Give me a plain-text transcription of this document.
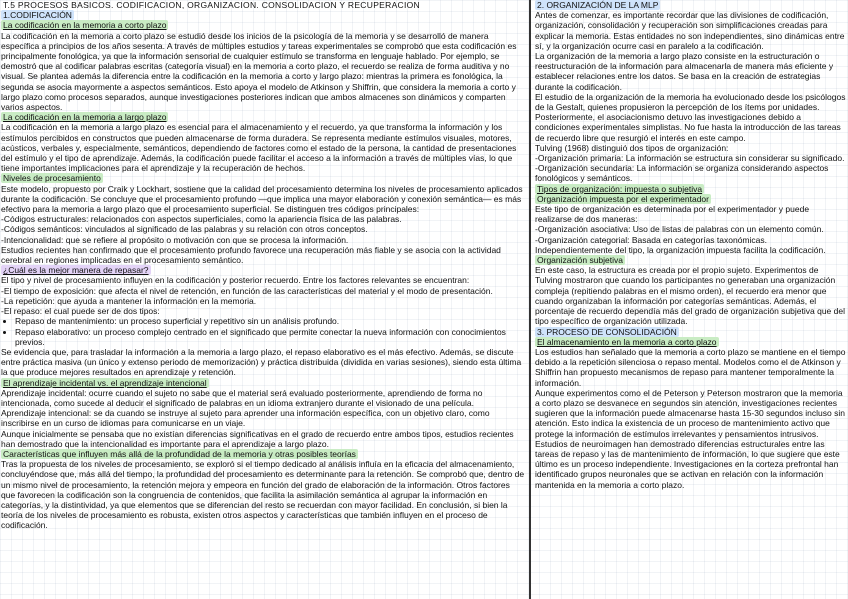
T.5 PROCESOS BASICOS. CODIFICACION, ORGANIZACION. CONSOLIDACION Y RECUPERACION

1.CODIFICACIÓN

La codificación en la memoria a corto plazo

La codificación en la memoria a corto plazo se estudió desde los inicios de la psicología de la memoria y se desarrolló de manera específica a principios de los años sesenta. A través de múltiples estudios y tareas experimentales se comprobó que esta codificación es principalmente fonológica, ya que la información sensorial de cualquier estímulo se transforma en lenguaje hablado. Por ejemplo, se demostró que al codificar palabras escritas (categoría visual) en la memoria a corto plazo, el recuerdo se realiza de forma auditiva y no visual. Se plantea además la diferencia entre la codificación en la memoria a corto y largo plazo: mientras la primera es fonológica, la segunda se asocia mayormente a aspectos semánticos. Esto apoya el modelo de Atkinson y Shiffrin, que considera la memoria a corto y largo plazo como procesos separados, aunque investigaciones posteriores indican que ambos almacenes son dinámicos y comparten varios aspectos.

La codificación en la memoria a largo plazo

La codificación en la memoria a largo plazo es esencial para el almacenamiento y el recuerdo, ya que transforma la información y los estímulos percibidos en constructos que pueden almacenarse de forma duradera. Se representa mediante estímulos visuales, motores, acústicos, verbales y, especialmente, semánticos, dependiendo de factores como el estado de la persona, la cantidad de presentaciones del estímulo y el tipo de aprendizaje. Además, la codificación puede facilitar el acceso a la información a través de múltiples vías, lo que tiene importantes implicaciones para el aprendizaje y la recuperación de hechos.

Niveles de procesamiento

Este modelo, propuesto por Craik y Lockhart, sostiene que la calidad del procesamiento determina los niveles de procesamiento aplicados durante la codificación. Se concluye que el procesamiento profundo —que implica una mayor elaboración y conexión semántica— es más efectivo para la memoria a largo plazo que el procesamiento superficial. Se distinguen tres códigos principales:

-Códigos estructurales: relacionados con aspectos superficiales, como la apariencia física de las palabras.

-Códigos semánticos: vinculados al significado de las palabras y su relación con otros conceptos.

-Intencionalidad: que se refiere al propósito o motivación con que se procesa la información.

Estudios recientes han confirmado que el procesamiento profundo favorece una recuperación más fiable y se asocia con la actividad cerebral en regiones implicadas en el procesamiento semántico.

¿Cuál es la mejor manera de repasar?

El tipo y nivel de procesamiento influyen en la codificación y posterior recuerdo. Entre los factores relevantes se encuentran:

-El tiempo de exposición: que afecta el nivel de retención, en función de las características del material y el modo de presentación.

-La repetición: que ayuda a mantener la información en la memoria.

-El repaso: el cual puede ser de dos tipos:

• Repaso de mantenimiento: un proceso superficial y repetitivo sin un análisis profundo.
• Repaso elaborativo: un proceso complejo centrado en el significado que permite conectar la nueva información con conocimientos previos.

Se evidencia que, para trasladar la información a la memoria a largo plazo, el repaso elaborativo es el más efectivo. Además, se discute entre práctica masiva (un único y extenso periodo de memorización) y práctica distribuida (dividida en varias sesiones), siendo esta última la que produce mejores resultados en aprendizaje y retención.

El aprendizaje incidental vs. el aprendizaje intencional

Aprendizaje incidental: ocurre cuando el sujeto no sabe que el material será evaluado posteriormente, aprendiendo de forma no intencionada, como sucede al deducir el significado de palabras en un idioma extranjero durante el visionado de una película.

Aprendizaje intencional: se da cuando se instruye al sujeto para aprender una información específica, con un objetivo claro, como inscribirse en un curso de idiomas para comunicarse en un viaje.

Aunque inicialmente se pensaba que no existían diferencias significativas en el grado de recuerdo entre ambos tipos, estudios recientes han demostrado que la intencionalidad es importante para el aprendizaje a largo plazo.

Características que influyen más allá de la profundidad de la memoria y otras posibles teorías

Tras la propuesta de los niveles de procesamiento, se exploró si el tiempo dedicado al análisis influía en la eficacia del almacenamiento, concluyéndose que, más allá del tiempo, la profundidad del procesamiento es determinante para la retención. Se comprobó que, dentro de un mismo nivel de procesamiento, la retención mejora y empeora en función del grado de elaboración de la información. Otros factores que favorecen la codificación son la congruencia de contenidos, que facilita la asimilación semántica al agrupar la información en categorías, y la distintividad, ya que elementos que se diferencian del resto se recuerdan con mayor facilidad. En conclusión, si bien la teoría de los niveles de procesamiento es robusta, existen otros aspectos y características que también influyen en el proceso de codificación.

2. ORGANIZACIÓN DE LA MLP

Antes de comenzar, es importante recordar que las divisiones de codificación, organización, consolidación y recuperación son simplificaciones creadas para explicar la memoria. Estas entidades no son independientes, sino dinámicas entre sí, y la organización ocurre casi en paralelo a la codificación.

La organización de la memoria a largo plazo consiste en la estructuración o reestructuración de la información para almacenarla de manera más eficiente y establecer relaciones entre los datos. Se basa en la creación de estrategias durante la codificación.

El estudio de la organización de la memoria ha evolucionado desde los psicólogos de la Gestalt, quienes propusieron la percepción de los ítems por unidades. Posteriormente, el asociacionismo detuvo las investigaciones debido a condiciones experimentales simplistas. No fue hasta la introducción de las tareas de recuerdo libre que resurgió el interés en este campo.

Tulving (1968) distinguió dos tipos de organización:

-Organización primaria: La información se estructura sin considerar su significado.

-Organización secundaria: La información se organiza considerando aspectos fonológicos y semánticos.

Tipos de organización: impuesta o subjetiva

Organización impuesta por el experimentador

Este tipo de organización es determinada por el experimentador y puede realizarse de dos maneras:

-Organización asociativa: Uso de listas de palabras con un elemento común.

-Organización categorial: Basada en categorías taxonómicas. Independientemente del tipo, la organización impuesta facilita la codificación.

Organización subjetiva

En este caso, la estructura es creada por el propio sujeto. Experimentos de Tulving mostraron que cuando los participantes no generaban una organización compleja (repitiendo palabras en el mismo orden), el recuerdo era menor que cuando organizaban la información por categorías semánticas. Además, el porcentaje de recuerdo dependía más del grado de organización subjetiva que del tipo específico de organización utilizada.

3. PROCESO DE CONSOLIDACIÓN

El almacenamiento en la memoria a corto plazo

Los estudios han señalado que la memoria a corto plazo se mantiene en el tiempo debido a la repetición silenciosa o repaso mental. Modelos como el de Atkinson y Shiffrin han propuesto mecanismos de repaso para mantener temporalmente la información.

Aunque experimentos como el de Peterson y Peterson mostraron que la memoria a corto plazo se desvanece en segundos sin atención, investigaciones recientes sugieren que la información puede almacenarse hasta 15-30 segundos incluso sin atención. Esto indica la existencia de un proceso de mantenimiento activo que protege la información de estímulos irrelevantes y pensamientos intrusivos.

Estudios de neuroimagen han demostrado diferencias estructurales entre las tareas de repaso y las de mantenimiento de información, lo que sugiere que este último es un proceso independiente. Investigaciones en la corteza prefrontal han identificado grupos neuronales que se activan en relación con la información mantenida en la memoria a corto plazo.
